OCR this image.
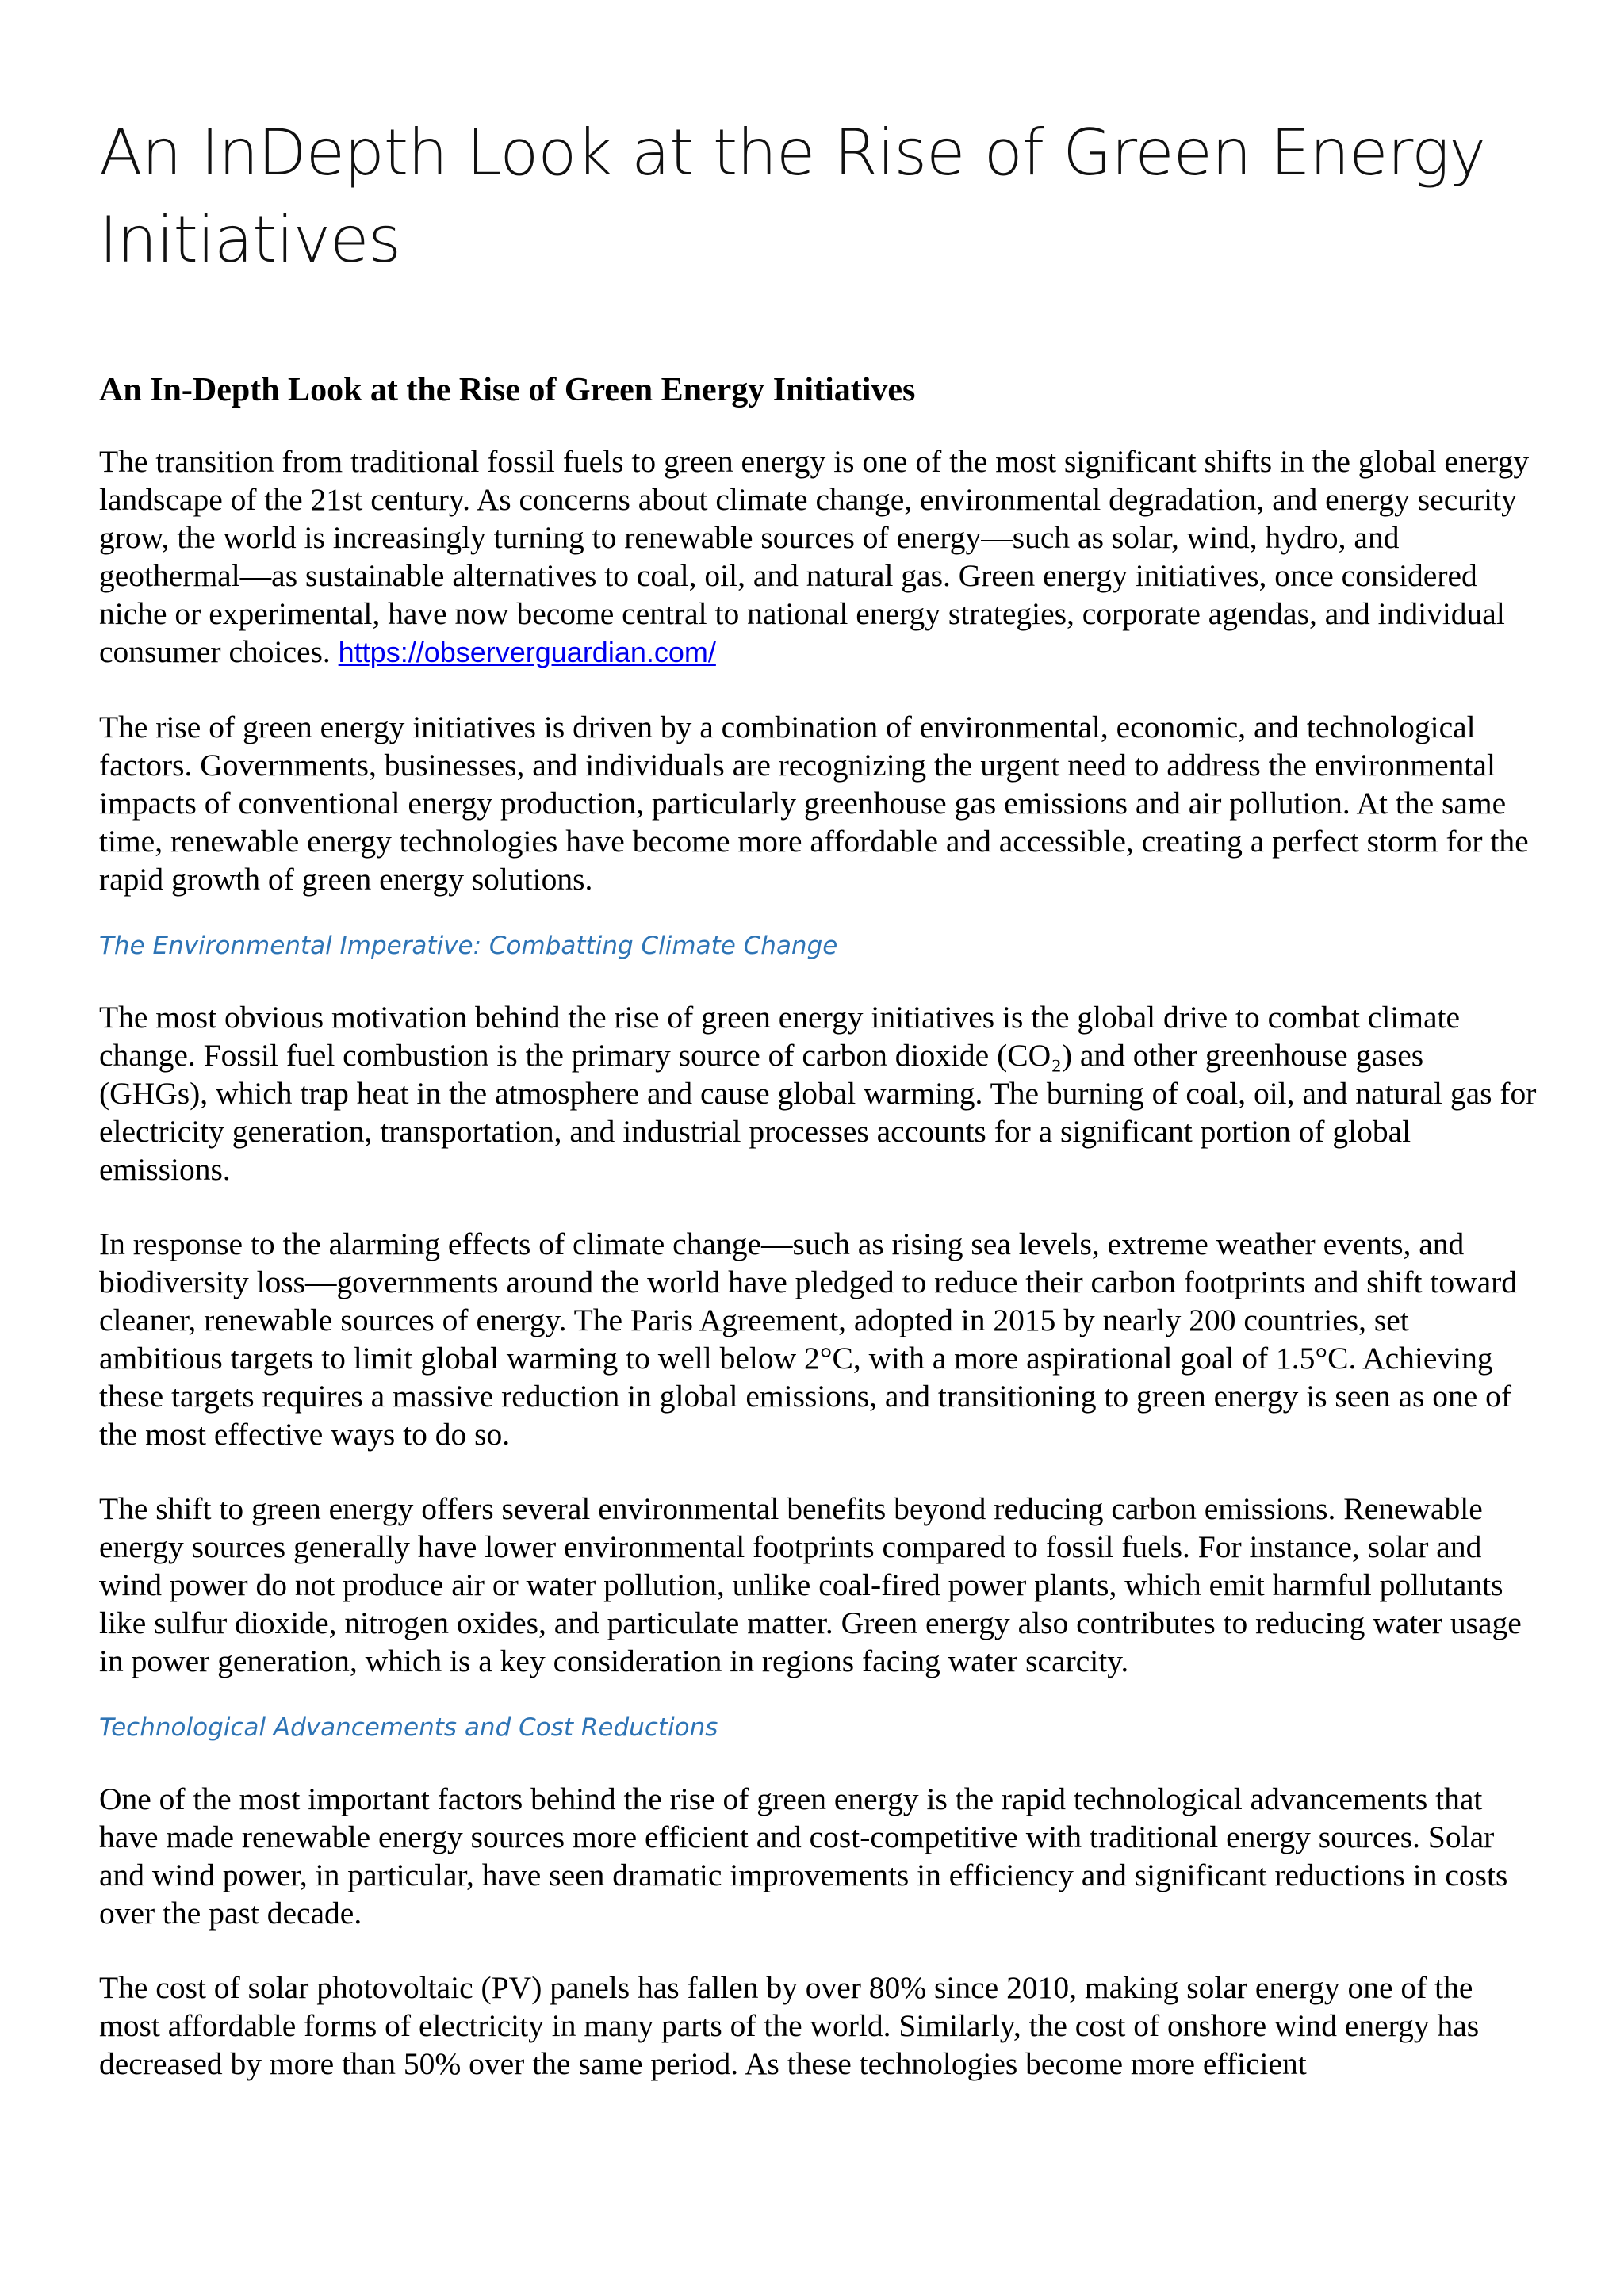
An InDepth Look at the Rise of Green Energy Initiatives
An In-Depth Look at the Rise of Green Energy Initiatives

The transition from traditional fossil fuels to green energy is one of the most significant shifts in the global energy landscape of the 21st century. As concerns about climate change, environmental degradation, and energy security grow, the world is increasingly turning to renewable sources of energy—such as solar, wind, hydro, and geothermal—as sustainable alternatives to coal, oil, and natural gas. Green energy initiatives, once considered niche or experimental, have now become central to national energy strategies, corporate agendas, and individual consumer choices. https://observerguardian.com/

The rise of green energy initiatives is driven by a combination of environmental, economic, and technological factors. Governments, businesses, and individuals are recognizing the urgent need to address the environmental impacts of conventional energy production, particularly greenhouse gas emissions and air pollution. At the same time, renewable energy technologies have become more affordable and accessible, creating a perfect storm for the rapid growth of green energy solutions.

The Environmental Imperative: Combatting Climate Change

The most obvious motivation behind the rise of green energy initiatives is the global drive to combat climate change. Fossil fuel combustion is the primary source of carbon dioxide (CO₂) and other greenhouse gases (GHGs), which trap heat in the atmosphere and cause global warming. The burning of coal, oil, and natural gas for electricity generation, transportation, and industrial processes accounts for a significant portion of global emissions.

In response to the alarming effects of climate change—such as rising sea levels, extreme weather events, and biodiversity loss—governments around the world have pledged to reduce their carbon footprints and shift toward cleaner, renewable sources of energy. The Paris Agreement, adopted in 2015 by nearly 200 countries, set ambitious targets to limit global warming to well below 2°C, with a more aspirational goal of 1.5°C. Achieving these targets requires a massive reduction in global emissions, and transitioning to green energy is seen as one of the most effective ways to do so.

The shift to green energy offers several environmental benefits beyond reducing carbon emissions. Renewable energy sources generally have lower environmental footprints compared to fossil fuels. For instance, solar and wind power do not produce air or water pollution, unlike coal-fired power plants, which emit harmful pollutants like sulfur dioxide, nitrogen oxides, and particulate matter. Green energy also contributes to reducing water usage in power generation, which is a key consideration in regions facing water scarcity.

Technological Advancements and Cost Reductions

One of the most important factors behind the rise of green energy is the rapid technological advancements that have made renewable energy sources more efficient and cost-competitive with traditional energy sources. Solar and wind power, in particular, have seen dramatic improvements in efficiency and significant reductions in costs over the past decade.

The cost of solar photovoltaic (PV) panels has fallen by over 80% since 2010, making solar energy one of the most affordable forms of electricity in many parts of the world. Similarly, the cost of onshore wind energy has decreased by more than 50% over the same period. As these technologies become more efficient
